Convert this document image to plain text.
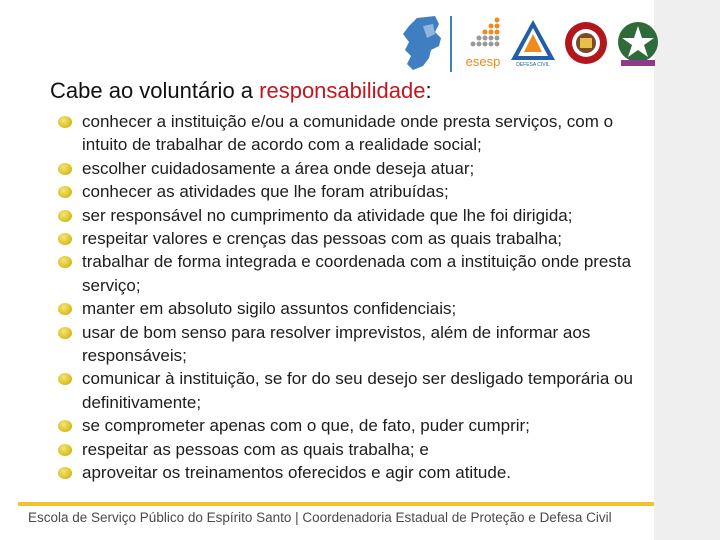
esesp	DEFESA CIVIL
Cabe ao voluntário a responsabilidade:
conhecer a instituição e/ou a comunidade onde presta serviços, com o intuito de trabalhar de acordo com a realidade social;
escolher cuidadosamente a área onde deseja atuar;
conhecer as atividades que lhe foram atribuídas;
ser responsável no cumprimento da atividade que lhe foi dirigida;
respeitar valores e crenças das pessoas com as quais trabalha;
trabalhar de forma integrada e coordenada com a instituição onde presta serviço;
manter em absoluto sigilo assuntos confidenciais;
usar de bom senso para resolver imprevistos, além de informar aos responsáveis;
comunicar à instituição, se for do seu desejo ser desligado temporária ou definitivamente;
se comprometer apenas com o que, de fato, puder cumprir;
respeitar as pessoas com as quais trabalha; e
aproveitar os treinamentos oferecidos e agir com atitude.
Escola de Serviço Público do Espírito Santo | Coordenadoria Estadual de Proteção e Defesa Civil
